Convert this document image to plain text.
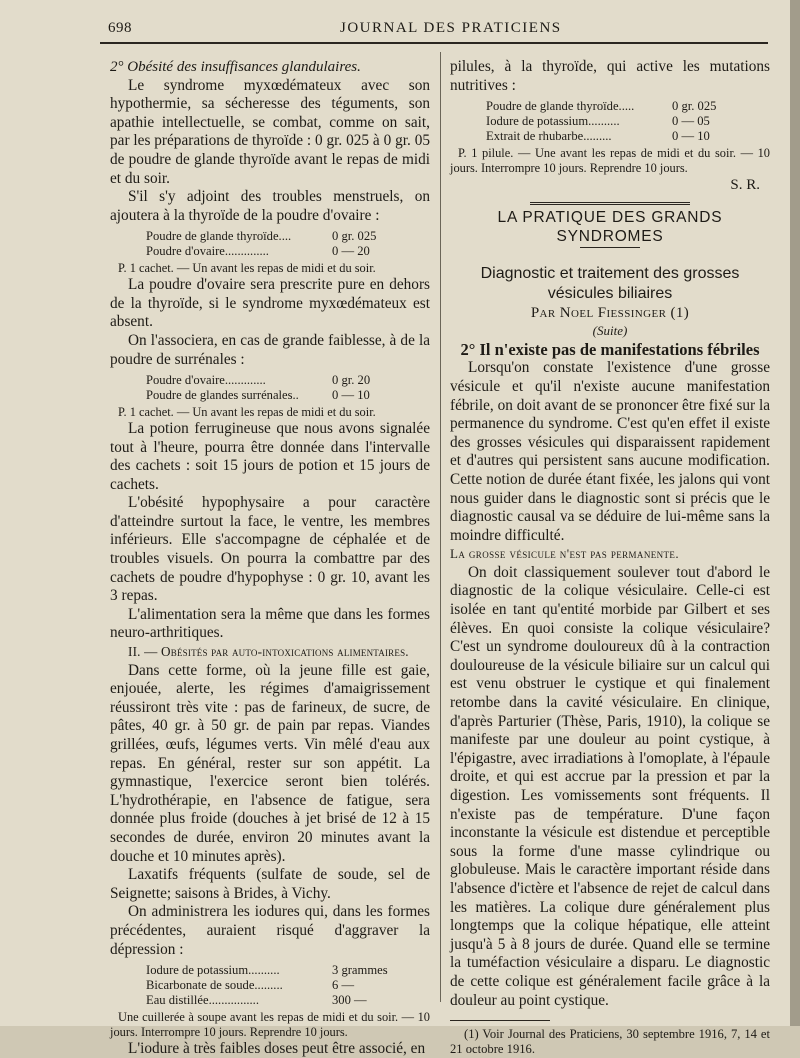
698	JOURNAL DES PRATICIENS

2° Obésité des insuffisances glandulaires.

Le syndrome myxœdémateux avec son hypothermie, sa sécheresse des téguments, son apathie intellectuelle, se combat, comme on sait, par les préparations de thyroïde : 0 gr. 025 à 0 gr. 05 de poudre de glande thyroïde avant le repas de midi et du soir.

S'il s'y adjoint des troubles menstruels, on ajoutera à la thyroïde de la poudre d'ovaire :

Poudre de glande thyroïde....	0 gr. 025
Poudre d'ovaire..............	0 — 20

P. 1 cachet. — Un avant les repas de midi et du soir.

La poudre d'ovaire sera prescrite pure en dehors de la thyroïde, si le syndrome myxœdémateux est absent.

On l'associera, en cas de grande faiblesse, à de la poudre de surrénales :

Poudre d'ovaire.............	0 gr. 20
Poudre de glandes surrénales..	0 — 10

P. 1 cachet. — Un avant les repas de midi et du soir.

La potion ferrugineuse que nous avons signalée tout à l'heure, pourra être donnée dans l'intervalle des cachets : soit 15 jours de potion et 15 jours de cachets.

L'obésité hypophysaire a pour caractère d'atteindre surtout la face, le ventre, les membres inférieurs. Elle s'accompagne de céphalée et de troubles visuels. On pourra la combattre par des cachets de poudre d'hypophyse : 0 gr. 10, avant les 3 repas.

L'alimentation sera la même que dans les formes neuro-arthritiques.

II. — Obésités par auto-intoxications alimentaires.

Dans cette forme, où la jeune fille est gaie, enjouée, alerte, les régimes d'amaigrissement réussiront très vite : pas de farineux, de sucre, de pâtes, 40 gr. à 50 gr. de pain par repas. Viandes grillées, œufs, légumes verts. Vin mêlé d'eau aux repas. En général, rester sur son appétit. La gymnastique, l'exercice seront bien tolérés. L'hydrothérapie, en l'absence de fatigue, sera donnée plus froide (douches à jet brisé de 12 à 15 secondes de durée, environ 20 minutes avant la douche et 10 minutes après).

Laxatifs fréquents (sulfate de soude, sel de Seignette; saisons à Brides, à Vichy.

On administrera les iodures qui, dans les formes précédentes, auraient risqué d'aggraver la dépression :

Iodure de potassium..........	3 grammes
Bicarbonate de soude.........	6 —
Eau distillée................	300 —

Une cuillerée à soupe avant les repas de midi et du soir. — 10 jours. Interrompre 10 jours. Reprendre 10 jours.

L'iodure à très faibles doses peut être associé, en

pilules, à la thyroïde, qui active les mutations nutritives :

Poudre de glande thyroïde.....	0 gr. 025
Iodure de potassium..........	0 — 05
Extrait de rhubarbe.........	0 — 10

P. 1 pilule. — Une avant les repas de midi et du soir. — 10 jours. Interrompre 10 jours. Reprendre 10 jours.

S. R.

LA PRATIQUE DES GRANDS SYNDROMES

Diagnostic et traitement des grosses vésicules biliaires

Par Noel Fiessinger (1)

(Suite)

2° Il n'existe pas de manifestations fébriles

Lorsqu'on constate l'existence d'une grosse vésicule et qu'il n'existe aucune manifestation fébrile, on doit avant de se prononcer être fixé sur la permanence du syndrome. C'est qu'en effet il existe des grosses vésicules qui disparaissent rapidement et d'autres qui persistent sans aucune modification. Cette notion de durée étant fixée, les jalons qui vont nous guider dans le diagnostic sont si précis que le diagnostic causal va se déduire de lui-même sans la moindre difficulté.

La grosse vésicule n'est pas permanente.

On doit classiquement soulever tout d'abord le diagnostic de la colique vésiculaire. Celle-ci est isolée en tant qu'entité morbide par Gilbert et ses élèves. En quoi consiste la colique vésiculaire? C'est un syndrome douloureux dû à la contraction douloureuse de la vésicule biliaire sur un calcul qui est venu obstruer le cystique et qui finalement retombe dans la cavité vésiculaire. En clinique, d'après Parturier (Thèse, Paris, 1910), la colique se manifeste par une douleur au point cystique, à l'épigastre, avec irradiations à l'omoplate, à l'épaule droite, et qui est accrue par la pression et par la digestion. Les vomissements sont fréquents. Il n'existe pas de température. D'une façon inconstante la vésicule est distendue et perceptible sous la forme d'une masse cylindrique ou globuleuse. Mais le caractère important réside dans l'absence d'ictère et l'absence de rejet de calcul dans les matières. La colique dure généralement plus longtemps que la colique hépatique, elle atteint jusqu'à 5 à 8 jours de durée. Quand elle se termine la tuméfaction vésiculaire a disparu. Le diagnostic de cette colique est généralement facile grâce à la douleur au point cystique.

(1) Voir Journal des Praticiens, 30 septembre 1916, 7, 14 et 21 octobre 1916.
